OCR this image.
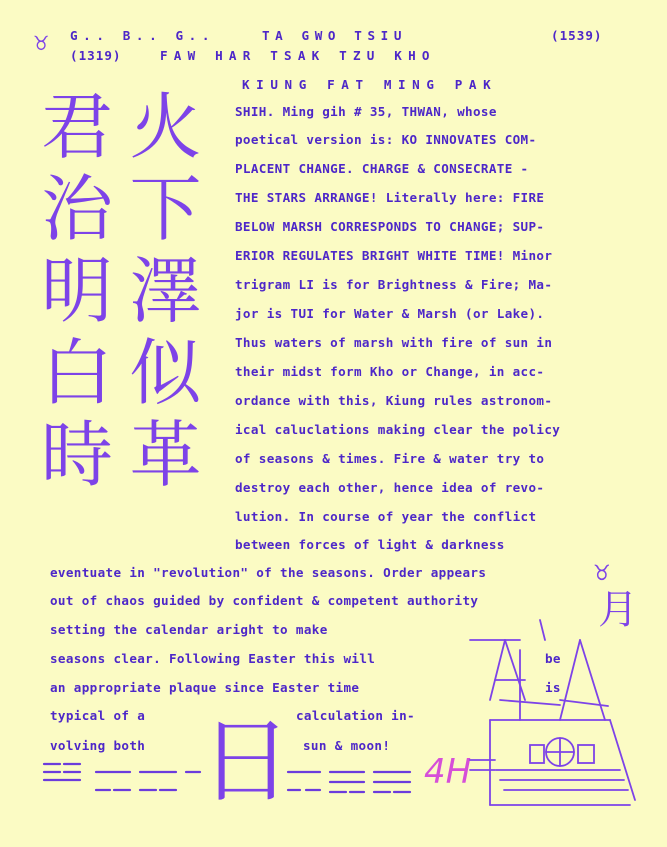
♉ G.. B.. G..	TA GWO TSIU	(1539)
(1319)	FAW HAR TSAK TZU KHO
KIUNG FAT MING PAK
SHIH. Ming gih # 35, THWAN, whose
poetical version is: KO INNOVATES COM-
PLACENT CHANGE. CHARGE & CONSECRATE -
THE STARS ARRANGE! Literally here: FIRE
BELOW MARSH CORRESPONDS TO CHANGE; SUP-
ERIOR REGULATES BRIGHT WHITE TIME! Minor
trigram LI is for Brightness & Fire; Ma-
jor is TUI for Water & Marsh (or Lake).
Thus waters of marsh with fire of sun in
their midst form Kho or Change, in acc-
ordance with this, Kiung rules astronom-
ical caluclations making clear the policy
of seasons & times. Fire & water try to
destroy each other, hence idea of revo-
lution. In course of year the conflict
between forces of light & darkness
eventuate in "revolution" of the seasons. Order appears
out of chaos guided by confident & competent authority
setting the calendar aright to make
seasons clear. Following Easter this will	be
an appropriate plaque since Easter time	is
typical of a	calculation in-
volving both	sun & moon!
君
治
明
白
時
火
下
澤
似
革
日
♉
月
4H
